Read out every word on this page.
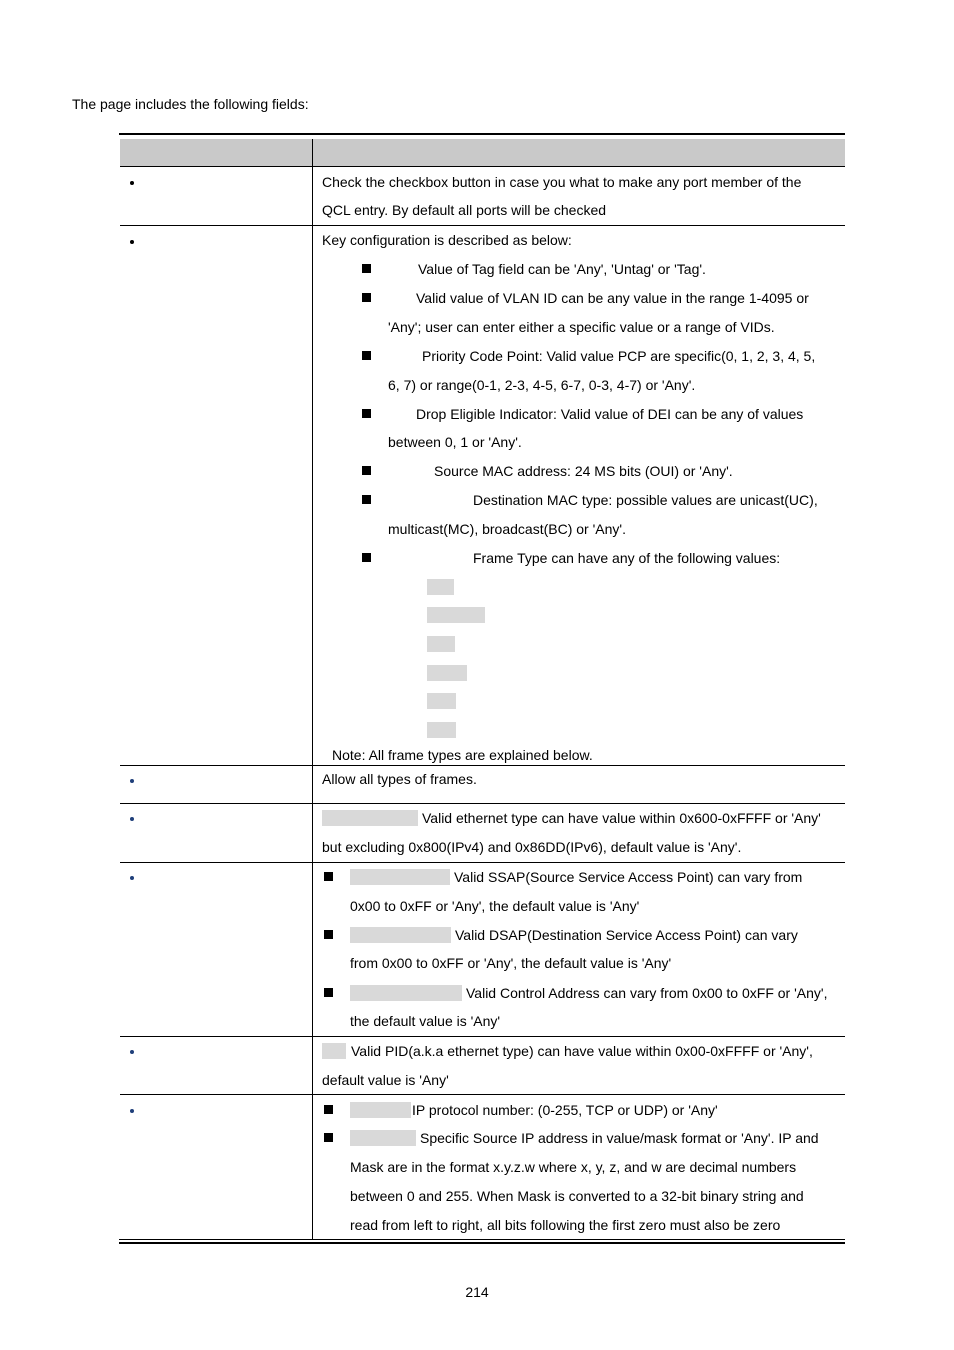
The page includes the following fields:
Check the checkbox button in case you what to make any port member of the
QCL entry. By default all ports will be checked
Key configuration is described as below:
Value of Tag field can be 'Any', 'Untag' or 'Tag'.
Valid value of VLAN ID can be any value in the range 1-4095 or
'Any'; user can enter either a specific value or a range of VIDs.
Priority Code Point: Valid value PCP are specific(0, 1, 2, 3, 4, 5,
6, 7) or range(0-1, 2-3, 4-5, 6-7, 0-3, 4-7) or 'Any'.
Drop Eligible Indicator: Valid value of DEI can be any of values
between 0, 1 or 'Any'.
Source MAC address: 24 MS bits (OUI) or 'Any'.
Destination MAC type: possible values are unicast(UC),
multicast(MC), broadcast(BC) or 'Any'.
Frame Type can have any of the following values:
Note: All frame types are explained below.
Allow all types of frames.
Valid ethernet type can have value within 0x600-0xFFFF or 'Any'
but excluding 0x800(IPv4) and 0x86DD(IPv6), default value is 'Any'.
Valid SSAP(Source Service Access Point) can vary from
0x00 to 0xFF or 'Any', the default value is 'Any'
Valid DSAP(Destination Service Access Point) can vary
from 0x00 to 0xFF or 'Any', the default value is 'Any'
Valid Control Address can vary from 0x00 to 0xFF or 'Any',
the default value is 'Any'
Valid PID(a.k.a ethernet type) can have value within 0x00-0xFFFF or 'Any',
default value is 'Any'
IP protocol number: (0-255, TCP or UDP) or 'Any'
Specific Source IP address in value/mask format or 'Any'. IP and
Mask are in the format x.y.z.w where x, y, z, and w are decimal numbers
between 0 and 255. When Mask is converted to a 32-bit binary string and
read from left to right, all bits following the first zero must also be zero
214
